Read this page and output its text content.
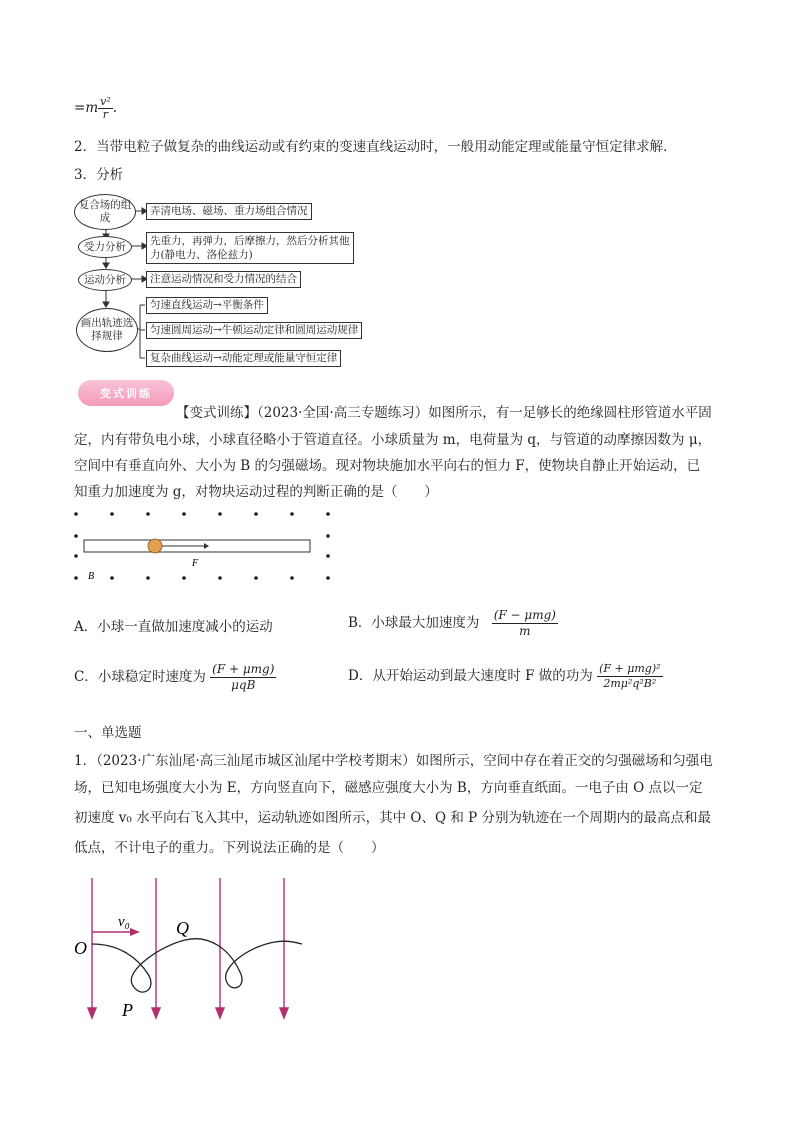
$=m \frac{\text{v²}}{r}$ .
2．当带电粒子做复杂的曲线运动或有约束的变速直线运动时，一般用动能定理或能量守恒定律求解．
3．分析
复合场的组成
受力分析
运动分析
画出轨迹选择规律
弄清电场、磁场、重力场组合情况
先重力，再弹力，后摩擦力，然后分析其他
力(静电力、洛伦兹力)
注意运动情况和受力情况的结合
匀速直线运动→平衡条件
匀速圆周运动→牛顿运动定律和圆周运动规律
复杂曲线运动→动能定理或能量守恒定律
变式训练
【变式训练】（2023·全国·高三专题练习）如图所示，有一足够长的绝缘圆柱形管道水平固
定，内有带负电小球，小球直径略小于管道直径。小球质量为 m，电荷量为 q，与管道的动摩擦因数为 μ，
空间中有垂直向外、大小为 B 的匀强磁场。现对物块施加水平向右的恒力 F，使物块自静止开始运动，已
知重力加速度为 g，对物块运动过程的判断正确的是（　　）
B
F
A．小球一直做加速度减小的运动	B．小球最大加速度为 $\frac{\text{(F − μmg)}}{m}$
C．小球稳定时速度为 $\frac{\text{(F + μmg)}}{\text{μqB}}$	D．从开始运动到最大速度时 F 做的功为 $\frac{\text{(F + μmg)²}}{\text{2mμ²q²B²}}$
一、单选题
1．（2023·广东汕尾·高三汕尾市城区汕尾中学校考期末）如图所示，空间中存在着正交的匀强磁场和匀强电
场，已知电场强度大小为 E，方向竖直向下，磁感应强度大小为 B，方向垂直纸面。一电子由 O 点以一定
初速度 v₀ 水平向右飞入其中，运动轨迹如图所示，其中 O、Q 和 P 分别为轨迹在一个周期内的最高点和最
低点，不计电子的重力。下列说法正确的是（　　）
O
v₀	Q
P
